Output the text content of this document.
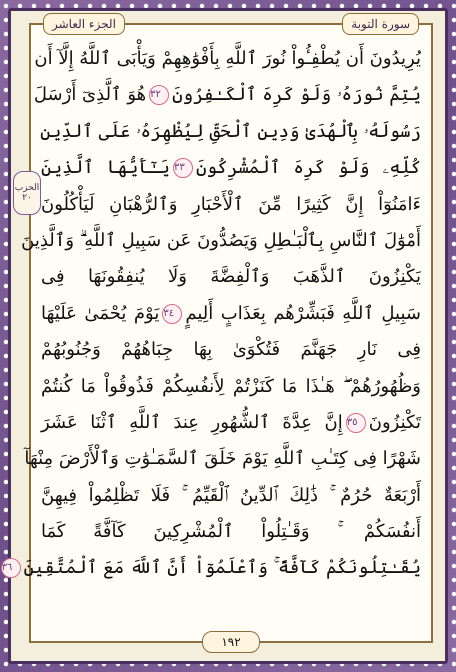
الجزء العاشر	سورة التوبة
الحزب
٢٠
يُرِيدُونَ أَن يُطْفِـُٔواْ نُورَ ٱللَّهِ بِأَفْوَٰهِهِمْ وَيَأْبَى ٱللَّهُ إِلَّآ أَن
يُتِمَّ نُورَهُۥ وَلَوْ كَرِهَ ٱلْكَـٰفِرُونَ٣٢هُوَ ٱلَّذِىٓ أَرْسَلَ
رَسُولَهُۥ بِٱلْهُدَىٰ وَدِينِ ٱلْحَقِّ لِيُظْهِرَهُۥ عَلَى ٱلدِّينِ
كُلِّهِۦ وَلَوْ كَرِهَ ٱلْمُشْرِكُونَ٣٣يَـٰٓأَيُّهَا ٱلَّذِينَ
ءَامَنُوٓاْ إِنَّ كَثِيرًا مِّنَ ٱلْأَحْبَارِ وَٱلرُّهْبَانِ لَيَأْكُلُونَ
أَمْوَٰلَ ٱلنَّاسِ بِٱلْبَـٰطِلِ وَيَصُدُّونَ عَن سَبِيلِ ٱللَّهِ ۗ وَٱلَّذِينَ
يَكْنِزُونَ ٱلذَّهَبَ وَٱلْفِضَّةَ وَلَا يُنفِقُونَهَا فِى
سَبِيلِ ٱللَّهِ فَبَشِّرْهُم بِعَذَابٍ أَلِيمٍ٣٤يَوْمَ يُحْمَىٰ عَلَيْهَا
فِى نَارِ جَهَنَّمَ فَتُكْوَىٰ بِهَا جِبَاهُهُمْ وَجُنُوبُهُمْ
وَظُهُورُهُمْ ۖ هَـٰذَا مَا كَنَزْتُمْ لِأَنفُسِكُمْ فَذُوقُواْ مَا كُنتُمْ
تَكْنِزُونَ٣٥إِنَّ عِدَّةَ ٱلشُّهُورِ عِندَ ٱللَّهِ ٱثْنَا عَشَرَ
شَهْرًا فِى كِتَـٰبِ ٱللَّهِ يَوْمَ خَلَقَ ٱلسَّمَـٰوَٰتِ وَٱلْأَرْضَ مِنْهَآ
أَرْبَعَةٌ حُرُمٌ ۚ ذَٰلِكَ ٱلدِّينُ ٱلْقَيِّمُ ۚ فَلَا تَظْلِمُواْ فِيهِنَّ
أَنفُسَكُمْ ۚ وَقَـٰتِلُواْ ٱلْمُشْرِكِينَ كَآفَّةً كَمَا
يُقَـٰتِلُونَكُمْ كَآفَّةً ۚ وَٱعْلَمُوٓاْ أَنَّ ٱللَّهَ مَعَ ٱلْمُتَّقِينَ٣٦
١٩٢
